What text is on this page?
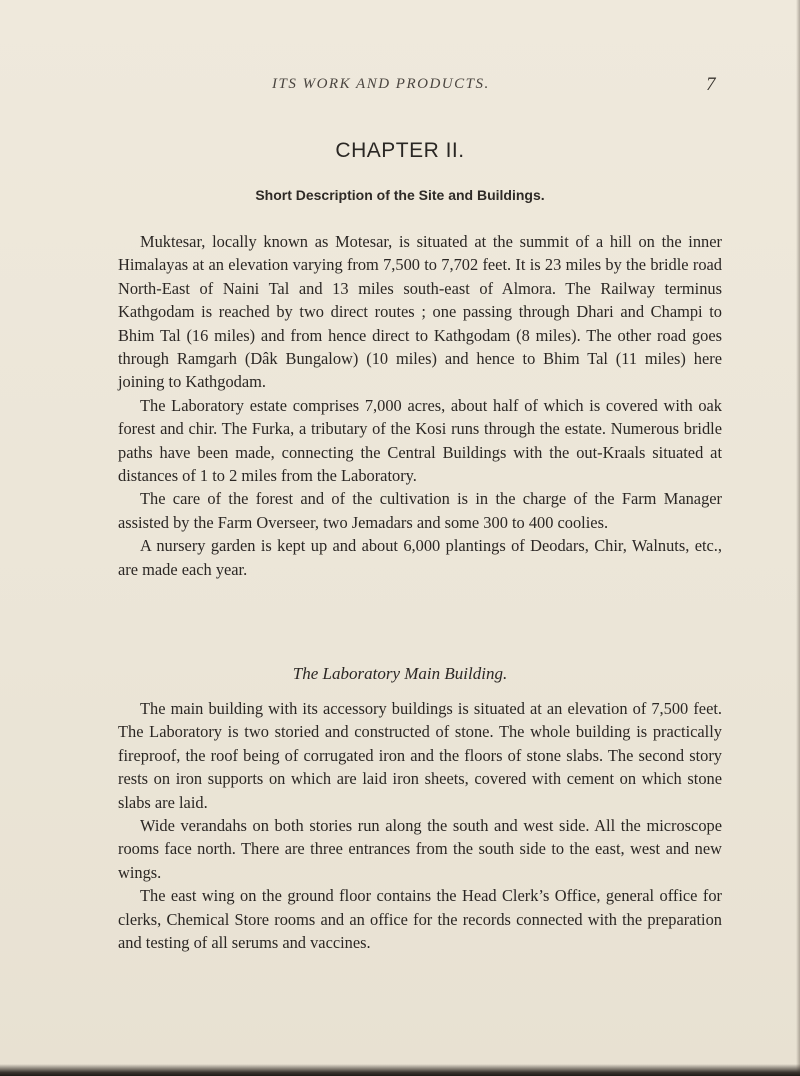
ITS WORK AND PRODUCTS.	7
CHAPTER II.
Short Description of the Site and Buildings.

Muktesar, locally known as Motesar, is situated at the summit of a hill on the inner Himalayas at an elevation varying from 7,500 to 7,702 feet. It is 23 miles by the bridle road North-East of Naini Tal and 13 miles south-east of Almora. The Railway terminus Kathgodam is reached by two direct routes ; one passing through Dhari and Champi to Bhim Tal (16 miles) and from hence direct to Kathgodam (8 miles). The other road goes through Ramgarh (Dâk Bungalow) (10 miles) and hence to Bhim Tal (11 miles) here joining to Kathgodam.

The Laboratory estate comprises 7,000 acres, about half of which is covered with oak forest and chir. The Furka, a tributary of the Kosi runs through the estate. Numerous bridle paths have been made, connecting the Central Buildings with the out-Kraals situated at distances of 1 to 2 miles from the Laboratory.

The care of the forest and of the cultivation is in the charge of the Farm Manager assisted by the Farm Overseer, two Jemadars and some 300 to 400 coolies.

A nursery garden is kept up and about 6,000 plantings of Deodars, Chir, Walnuts, etc., are made each year.

The Laboratory Main Building.

The main building with its accessory buildings is situated at an elevation of 7,500 feet. The Laboratory is two storied and constructed of stone. The whole building is practically fireproof, the roof being of corrugated iron and the floors of stone slabs. The second story rests on iron supports on which are laid iron sheets, covered with cement on which stone slabs are laid.

Wide verandahs on both stories run along the south and west side. All the microscope rooms face north. There are three entrances from the south side to the east, west and new wings.

The east wing on the ground floor contains the Head Clerk’s Office, general office for clerks, Chemical Store rooms and an office for the records connected with the preparation and testing of all serums and vaccines.
